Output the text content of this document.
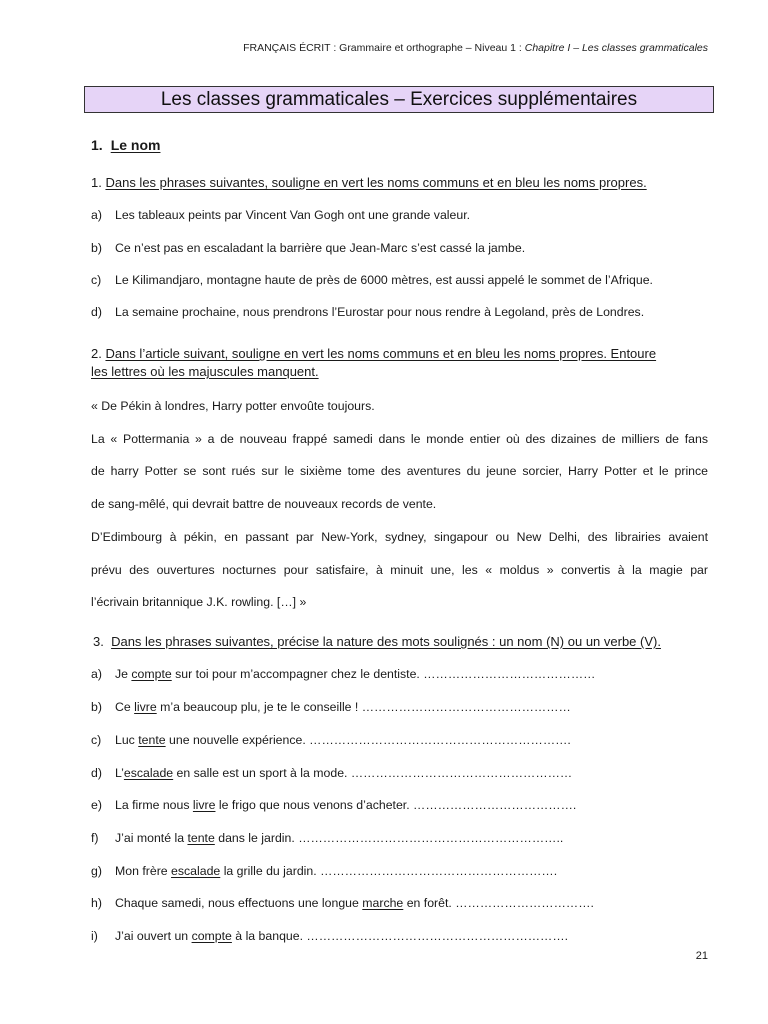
FRANÇAIS ÉCRIT : Grammaire et orthographe – Niveau 1 : Chapitre I – Les classes grammaticales
Les classes grammaticales – Exercices supplémentaires
1. Le nom
1. Dans les phrases suivantes, souligne en vert les noms communs et en bleu les noms propres.
a) Les tableaux peints par Vincent Van Gogh ont une grande valeur.
b) Ce n’est pas en escaladant la barrière que Jean-Marc s’est cassé la jambe.
c) Le Kilimandjaro, montagne haute de près de 6000 mètres, est aussi appelé le sommet de l’Afrique.
d) La semaine prochaine, nous prendrons l’Eurostar pour nous rendre à Legoland, près de Londres.
2. Dans l’article suivant, souligne en vert les noms communs et en bleu les noms propres. Entoure
les lettres où les majuscules manquent.
« De Pékin à londres, Harry potter envoûte toujours.
La « Pottermania » a de nouveau frappé samedi dans le monde entier où des dizaines de milliers de fans
de harry Potter se sont rués sur le sixième tome des aventures du jeune sorcier, Harry Potter et le prince
de sang-mêlé, qui devrait battre de nouveaux records de vente.
D’Edimbourg à pékin, en passant par New-York, sydney, singapour ou New Delhi, des librairies avaient
prévu des ouvertures nocturnes pour satisfaire, à minuit une, les « moldus » convertis à la magie par
l’écrivain britannique J.K. rowling. […] »
3. Dans les phrases suivantes, précise la nature des mots soulignés : un nom (N) ou un verbe (V).
a) Je compte sur toi pour m’accompagner chez le dentiste. ……………………………………
b) Ce livre m’a beaucoup plu, je te le conseille ! ……………………………………………
c) Luc tente une nouvelle expérience. ……………………………………………………….
d) L’escalade en salle est un sport à la mode. ………………………………………………
e) La firme nous livre le frigo que nous venons d’acheter. ………………………………….
f) J’ai monté la tente dans le jardin. ………………………………………………………..
g) Mon frère escalade la grille du jardin. ………………………………………………….
h) Chaque samedi, nous effectuons une longue marche en forêt. …………………………….
i) J’ai ouvert un compte à la banque. ……………………………………………………….
21
